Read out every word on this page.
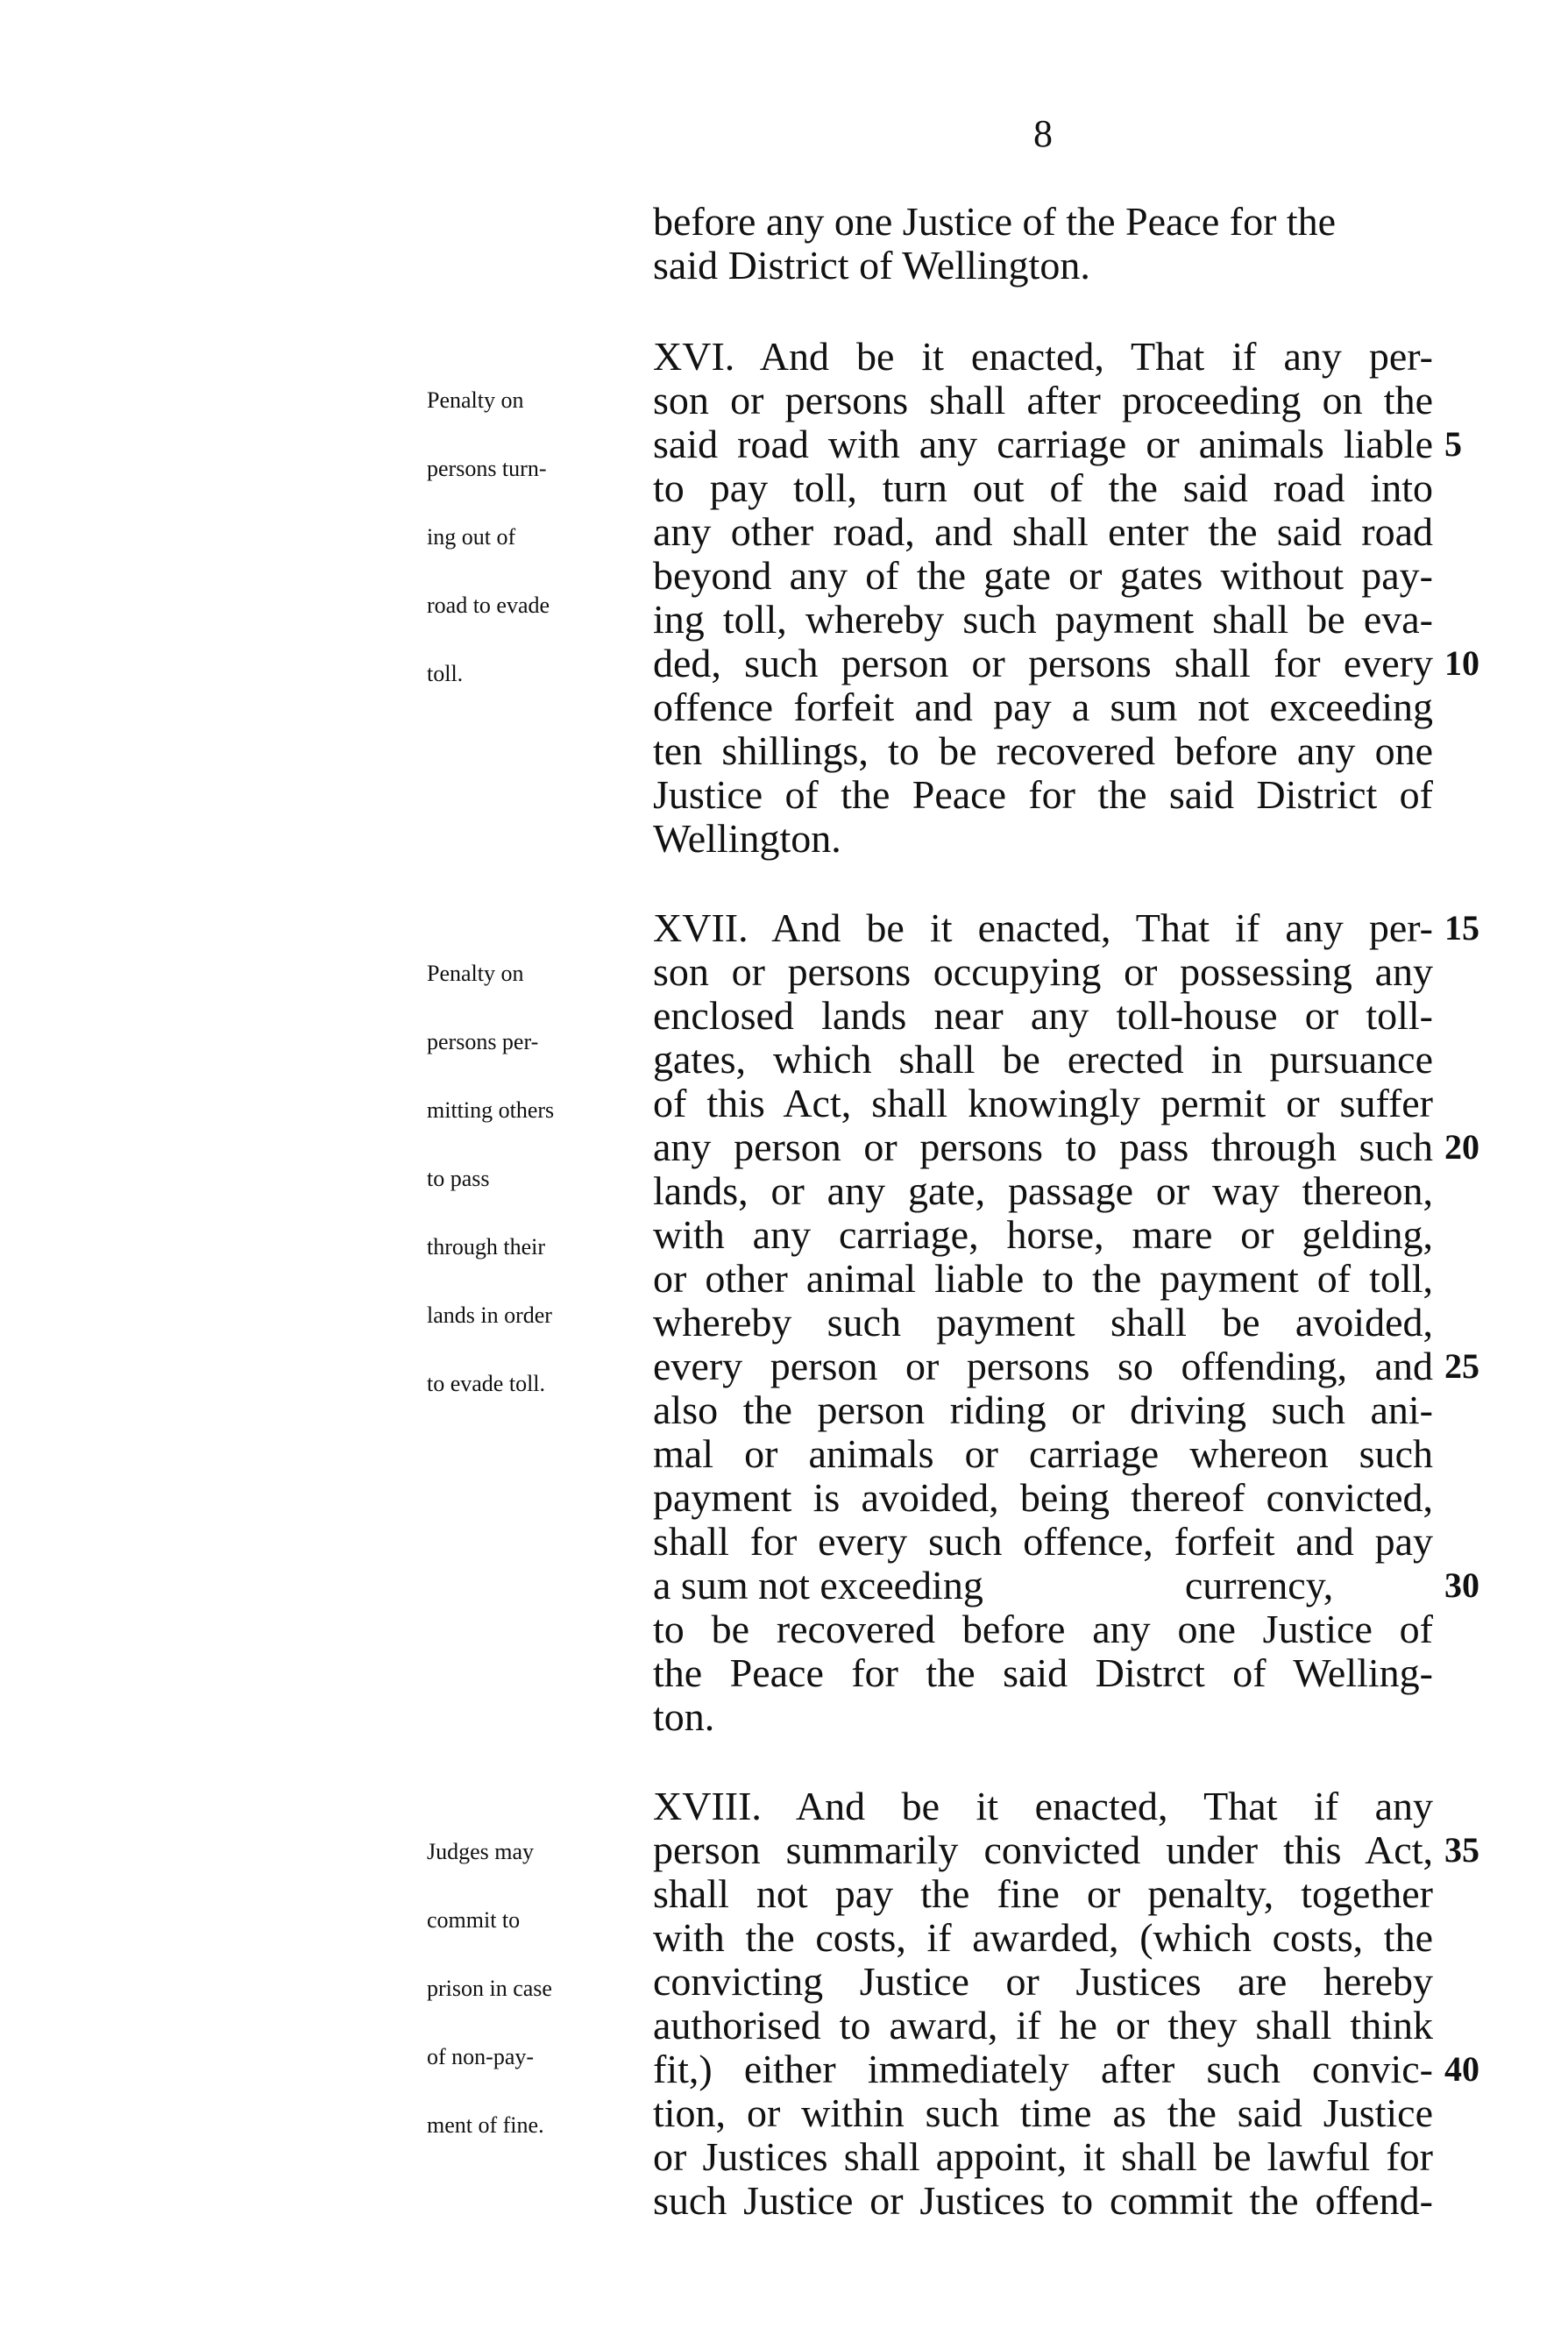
8
before any one Justice of the Peace for the
said District of Wellington.

Penalty on

persons turn-

ing out of

road to evade

toll.

XVI. And be it enacted, That if any per-
son or persons shall after proceeding on the
said road with any carriage or animals liable
to pay toll, turn out of the said road into
any other road, and shall enter the said road
beyond any of the gate or gates without pay-
ing toll, whereby such payment shall be eva-
ded, such person or persons shall for every
offence forfeit and pay a sum not exceeding
ten shillings, to be recovered before any one
Justice of the Peace for the said District of
Wellington.

Penalty on

persons per-

mitting others

to pass

through their

lands in order

to evade toll.

XVII. And be it enacted, That if any per-
son or persons occupying or possessing any
enclosed lands near any toll-house or toll-
gates, which shall be erected in pursuance
of this Act, shall knowingly permit or suffer
any person or persons to pass through such
lands, or any gate, passage or way thereon,
with any carriage, horse, mare or gelding,
or other animal liable to the payment of toll,
whereby such payment shall be avoided,
every person or persons so offending, and
also the person riding or driving such ani-
mal or animals or carriage whereon such
payment is avoided, being thereof convicted,
shall for every such offence, forfeit and pay
a sum not exceeding                    currency,
to be recovered before any one Justice of
the Peace for the said Distrct of Welling-
ton.

Judges may

commit to

prison in case

of non-pay-

ment of fine.

XVIII. And be it enacted, That if any
person summarily convicted under this Act,
shall not pay the fine or penalty, together
with the costs, if awarded, (which costs, the
convicting Justice or Justices are hereby
authorised to award, if he or they shall think
fit,) either immediately after such convic-
tion, or within such time as the said Justice
or Justices shall appoint, it shall be lawful for
such Justice or Justices to commit the offend-
5
10
15
20
25
30
35
40
